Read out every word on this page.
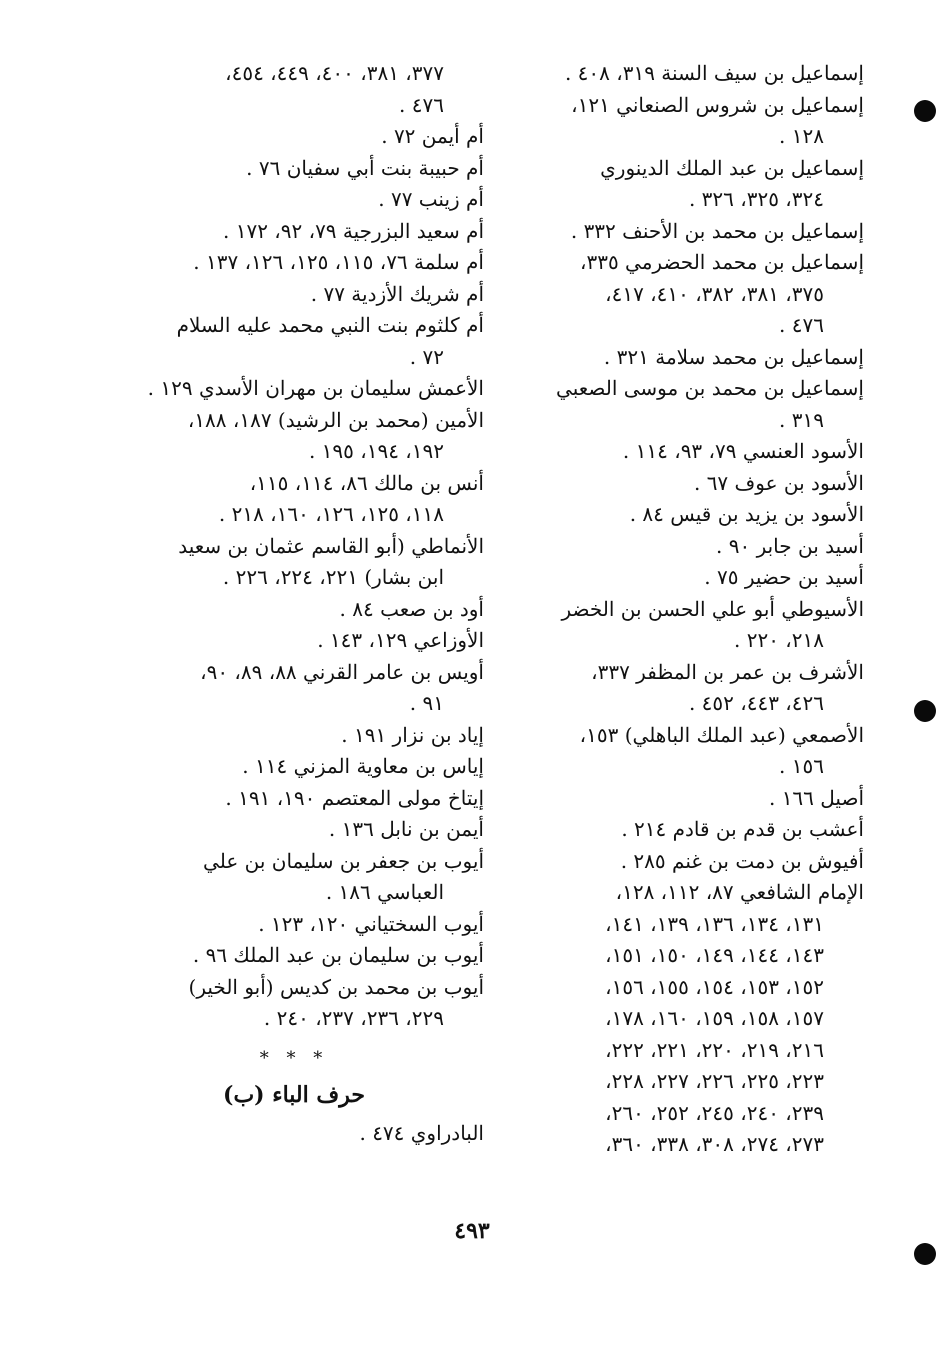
إسماعيل بن سيف السنة ٣١٩، ٤٠٨ .
إسماعيل بن شروس الصنعاني ١٢١،
١٢٨ .
إسماعيل بن عبد الملك الدينوري
٣٢٤، ٣٢٥، ٣٢٦ .
إسماعيل بن محمد بن الأحنف ٣٣٢ .
إسماعيل بن محمد الحضرمي ٣٣٥،
٣٧٥، ٣٨١، ٣٨٢، ٤١٠، ٤١٧،
٤٧٦ .
إسماعيل بن محمد سلامة ٣٢١ .
إسماعيل بن محمد بن موسى الصعبي
٣١٩ .
الأسود العنسي ٧٩، ٩٣، ١١٤ .
الأسود بن عوف ٦٧ .
الأسود بن يزيد بن قيس ٨٤ .
أسيد بن جابر ٩٠ .
أسيد بن حضير ٧٥ .
الأسيوطي أبو علي الحسن بن الخضر
٢١٨، ٢٢٠ .
الأشرف بن عمر بن المظفر ٣٣٧،
٤٢٦، ٤٤٣، ٤٥٢ .
الأصمعي (عبد الملك الباهلي) ١٥٣،
١٥٦ .
أصيل ١٦٦ .
أعشب بن قدم بن قادم ٢١٤ .
أفيوش بن دمت بن غنم ٢٨٥ .
الإمام الشافعي ٨٧، ١١٢، ١٢٨،
١٣١، ١٣٤، ١٣٦، ١٣٩، ١٤١،
١٤٣، ١٤٤، ١٤٩، ١٥٠، ١٥١،
١٥٢، ١٥٣، ١٥٤، ١٥٥، ١٥٦،
١٥٧، ١٥٨، ١٥٩، ١٦٠، ١٧٨،
٢١٦، ٢١٩، ٢٢٠، ٢٢١، ٢٢٢،
٢٢٣، ٢٢٥، ٢٢٦، ٢٢٧، ٢٢٨،
٢٣٩، ٢٤٠، ٢٤٥، ٢٥٢، ٢٦٠،
٢٧٣، ٢٧٤، ٣٠٨، ٣٣٨، ٣٦٠،
٣٧٧، ٣٨١، ٤٠٠، ٤٤٩، ٤٥٤،
٤٧٦ .
أم أيمن ٧٢ .
أم حبيبة بنت أبي سفيان ٧٦ .
أم زينب ٧٧ .
أم سعيد البزرجية ٧٩، ٩٢، ١٧٢ .
أم سلمة ٧٦، ١١٥، ١٢٥، ١٢٦، ١٣٧ .
أم شريك الأزدية ٧٧ .
أم كلثوم بنت النبي محمد عليه السلام
٧٢ .
الأعمش سليمان بن مهران الأسدي ١٢٩ .
الأمين (محمد بن الرشيد) ١٨٧، ١٨٨،
١٩٢، ١٩٤، ١٩٥ .
أنس بن مالك ٨٦، ١١٤، ١١٥،
١١٨، ١٢٥، ١٢٦، ١٦٠، ٢١٨ .
الأنماطي (أبو القاسم عثمان بن سعيد
ابن بشار) ٢٢١، ٢٢٤، ٢٢٦ .
أود بن صعب ٨٤ .
الأوزاعي ١٢٩، ١٤٣ .
أويس بن عامر القرني ٨٨، ٨٩، ٩٠،
٩١ .
إياد بن نزار ١٩١ .
إياس بن معاوية المزني ١١٤ .
إيتاخ مولى المعتصم ١٩٠، ١٩١ .
أيمن بن نابل ١٣٦ .
أيوب بن جعفر بن سليمان بن علي
العباسي ١٨٦ .
أيوب السختياني ١٢٠، ١٢٣ .
أيوب بن سليمان بن عبد الملك ٩٦ .
أيوب بن محمد بن كديس (أبو الخير)
٢٢٩، ٢٣٦، ٢٣٧، ٢٤٠ .
* * *
حرف الباء (ب)
البادراوي ٤٧٤ .
٤٩٣
